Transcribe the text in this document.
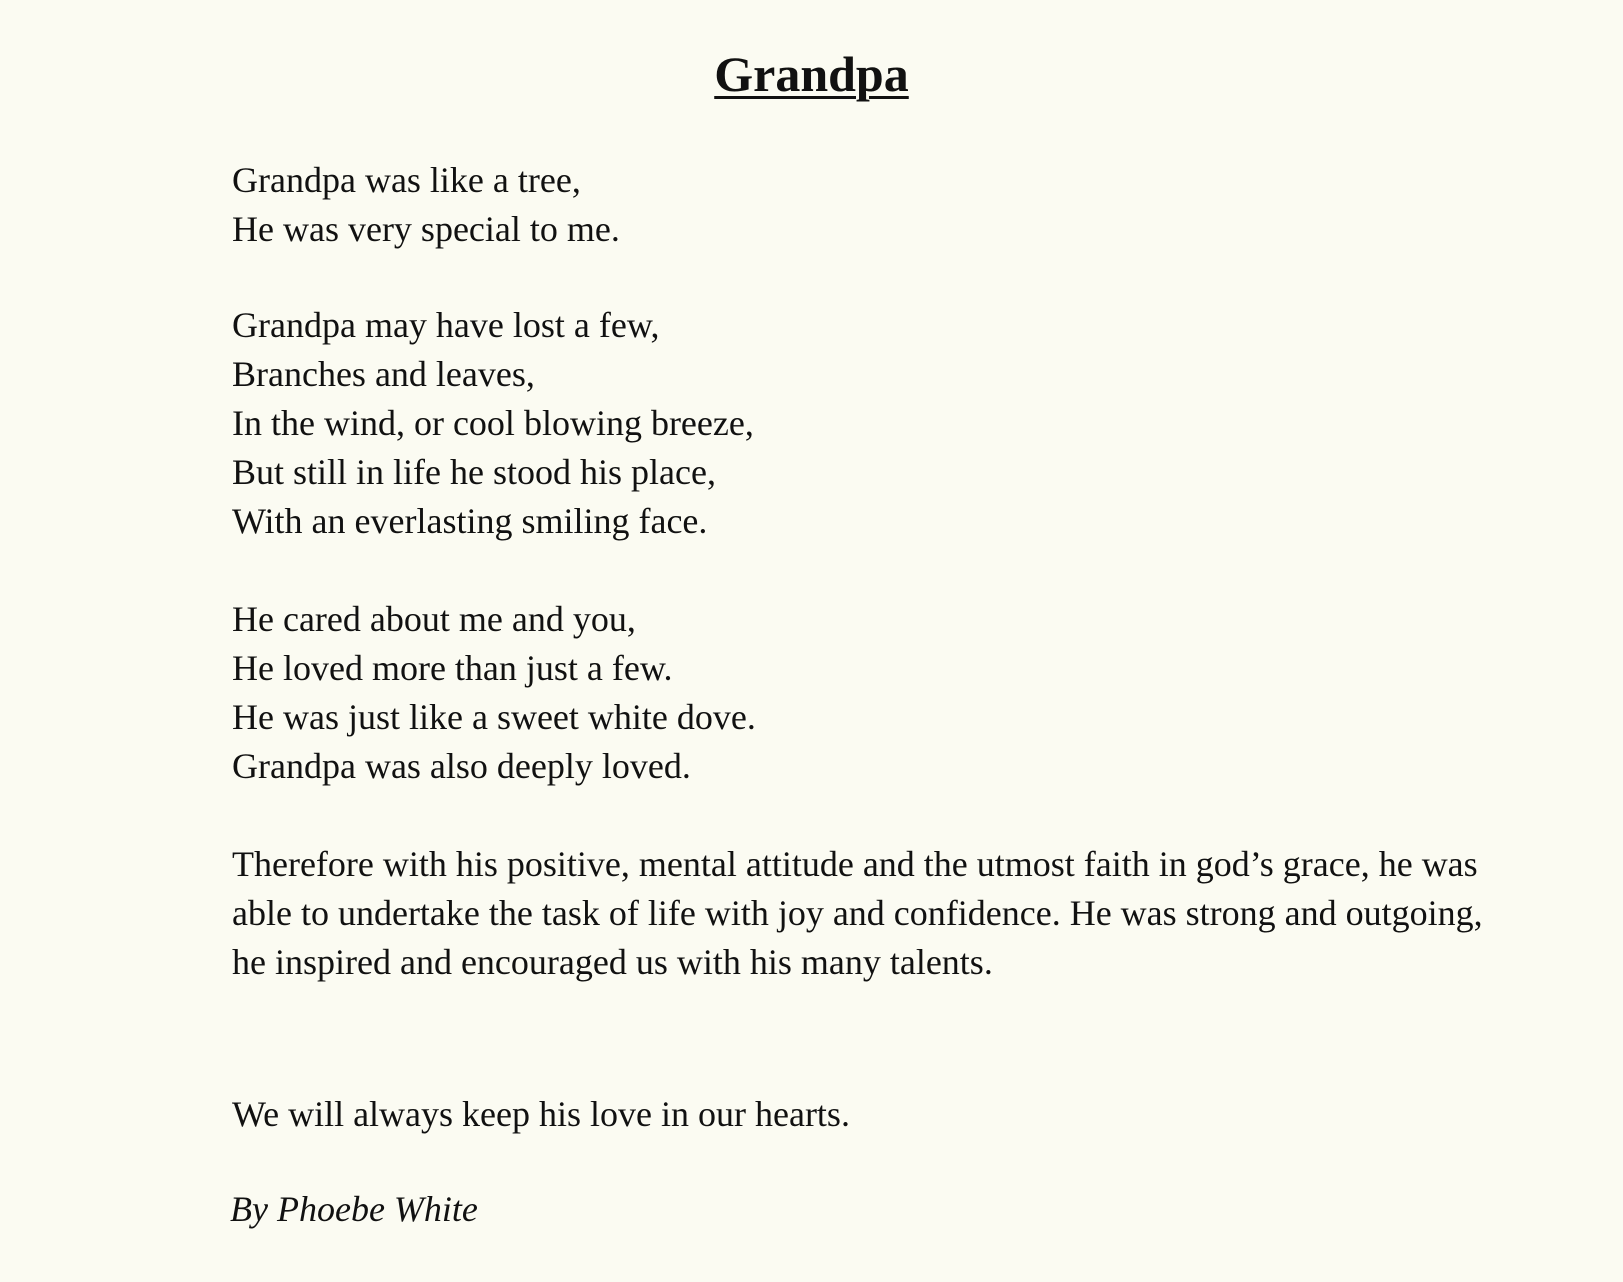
Grandpa
Grandpa was like a tree,
He was very special to me.
Grandpa may have lost a few,
Branches and leaves,
In the wind, or cool blowing breeze,
But still in life he stood his place,
With an everlasting smiling face.
He cared about me and you,
He loved more than just a few.
He was just like a sweet white dove.
Grandpa was also deeply loved.

Therefore with his positive, mental attitude and the utmost faith in god’s grace, he was able to undertake the task of life with joy and confidence. He was strong and outgoing, he inspired and encouraged us with his many talents.

We will always keep his love in our hearts.

By Phoebe White
